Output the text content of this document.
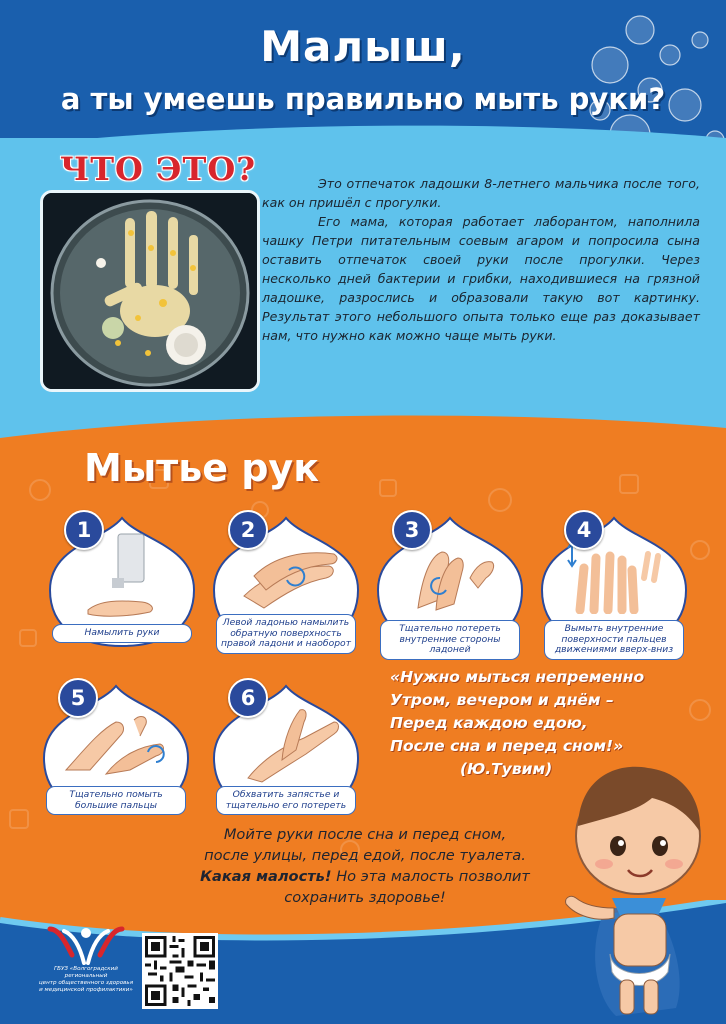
Малыш,
а ты умеешь правильно мыть руки?
ЧТО ЭТО?	Это отпечаток ладошки 8-летнего мальчика после того, как он пришёл с прогулки.

Его мама, которая работает лаборантом, наполнила чашку Петри питательным соевым агаром и попросила сына оставить отпечаток своей руки после прогулки. Через несколько дней бактерии и грибки, находившиеся на грязной ладошке, разрослись и образовали такую вот картинку. Результат этого небольшого опыта только еще раз доказывает нам, что нужно как можно чаще мыть руки.

Мытье рук
1
Намылить руки
2
Левой ладонью намылить обратную поверхность правой ладони и наоборот
3
Тщательно потереть внутренние стороны ладоней
4
Вымыть внутренние поверхности пальцев движениями вверх-вниз
5
Тщательно помыть большие пальцы
6
Обхватить запястье и тщательно его потереть
«Нужно мыться непременно
Утром, вечером и днём –
Перед каждою едою,
После сна и перед сном!»
(Ю.Тувим)
Мойте руки после сна и перед сном,
после улицы, перед едой, после туалета.
Какая малость! Но эта малость позволит
сохранить здоровье!
ГБУЗ «Волгоградский региональный
центр общественного здоровья
и медицинской профилактики»
